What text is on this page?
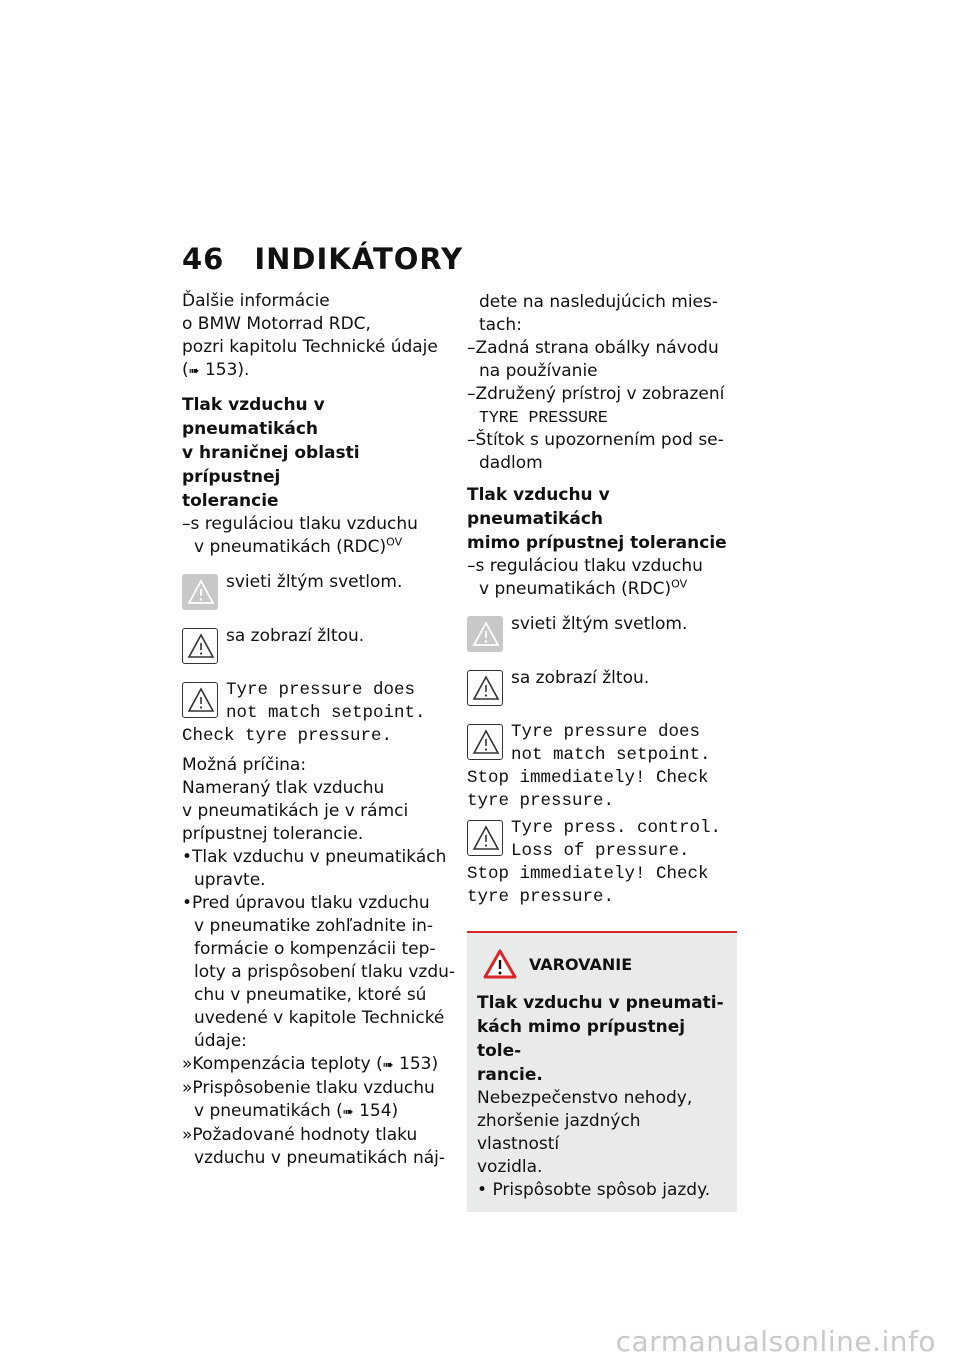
46 INDIKÁTORY

Ďalšie informácie

o BMW Motorrad RDC,

pozri kapitolu Technické údaje

(➠ 153).

Tlak vzduchu v pneumatikách
v hraničnej oblasti prípustnej
tolerancie

–s reguláciou tlaku vzduchu

v pneumatikách (RDC)$^{OV}$

svieti žltým svetlom.

sa zobrazí žltou.

Tyre pressure does

not match setpoint.

Check tyre pressure.

Možná príčina:

Nameraný tlak vzduchu

v pneumatikách je v rámci

prípustnej tolerancie.

•Tlak vzduchu v pneumatikách

upravte.

•Pred úpravou tlaku vzduchu

v pneumatike zohľadnite in-

formácie o kompenzácii tep-

loty a prispôsobení tlaku vzdu-

chu v pneumatike, ktoré sú

uvedené v kapitole Technické

údaje:

»Kompenzácia teploty (➠ 153)

»Prispôsobenie tlaku vzduchu

v pneumatikách (➠ 154)

»Požadované hodnoty tlaku

vzduchu v pneumatikách náj-

dete na nasledujúcich mies-

tach:

–Zadná strana obálky návodu

na používanie

–Združený prístroj v zobrazení

TYRE PRESSURE

–Štítok s upozornením pod se-

dadlom

Tlak vzduchu v pneumatikách
mimo prípustnej tolerancie

–s reguláciou tlaku vzduchu

v pneumatikách (RDC)$^{OV}$

svieti žltým svetlom.

sa zobrazí žltou.

Tyre pressure does

not match setpoint.

Stop immediately! Check

tyre pressure.

Tyre press. control.

Loss of pressure.

Stop immediately! Check

tyre pressure.

VAROVANIE

Tlak vzduchu v pneumati-
kách mimo prípustnej tole-
rancie.

Nebezpečenstvo nehody,

zhoršenie jazdných vlastností

vozidla.

• Prispôsobte spôsob jazdy.

carmanualsonline.info
